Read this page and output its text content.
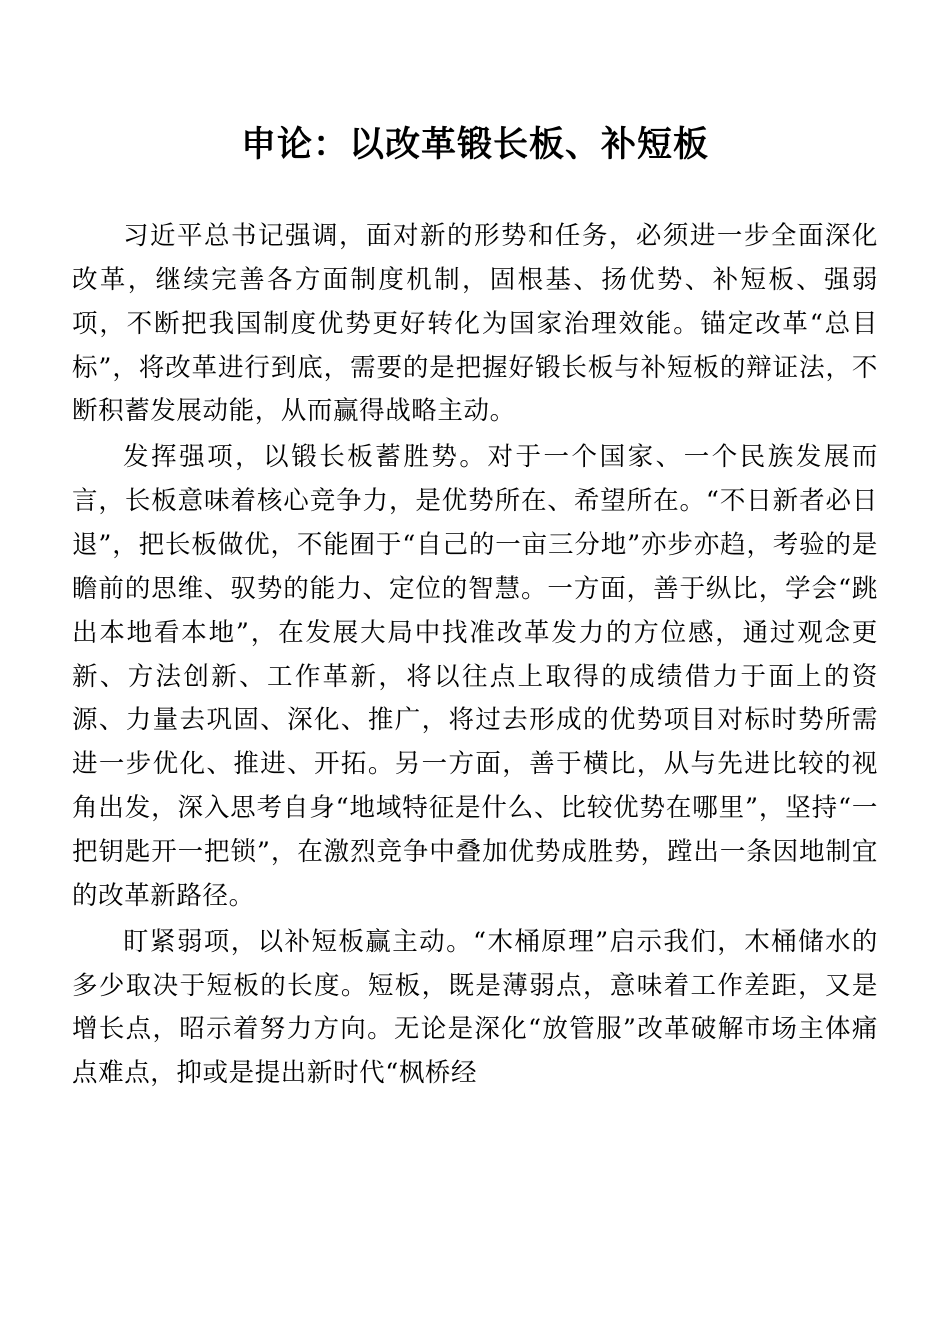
申论：以改革锻长板、补短板

习近平总书记强调，面对新的形势和任务，必须进一步全面深化改革，继续完善各方面制度机制，固根基、扬优势、补短板、强弱项，不断把我国制度优势更好转化为国家治理效能。锚定改革“总目标”，将改革进行到底，需要的是把握好锻长板与补短板的辩证法，不断积蓄发展动能，从而赢得战略主动。

发挥强项，以锻长板蓄胜势。对于一个国家、一个民族发展而言，长板意味着核心竞争力，是优势所在、希望所在。“不日新者必日退”，把长板做优，不能囿于“自己的一亩三分地”亦步亦趋，考验的是瞻前的思维、驭势的能力、定位的智慧。一方面，善于纵比，学会“跳出本地看本地”，在发展大局中找准改革发力的方位感，通过观念更新、方法创新、工作革新，将以往点上取得的成绩借力于面上的资源、力量去巩固、深化、推广，将过去形成的优势项目对标时势所需进一步优化、推进、开拓。另一方面，善于横比，从与先进比较的视角出发，深入思考自身“地域特征是什么、比较优势在哪里”，坚持“一把钥匙开一把锁”，在激烈竞争中叠加优势成胜势，蹚出一条因地制宜的改革新路径。

盯紧弱项，以补短板赢主动。“木桶原理”启示我们，木桶储水的多少取决于短板的长度。短板，既是薄弱点，意味着工作差距，又是增长点，昭示着努力方向。无论是深化“放管服”改革破解市场主体痛点难点，抑或是提出新时代“枫桥经
